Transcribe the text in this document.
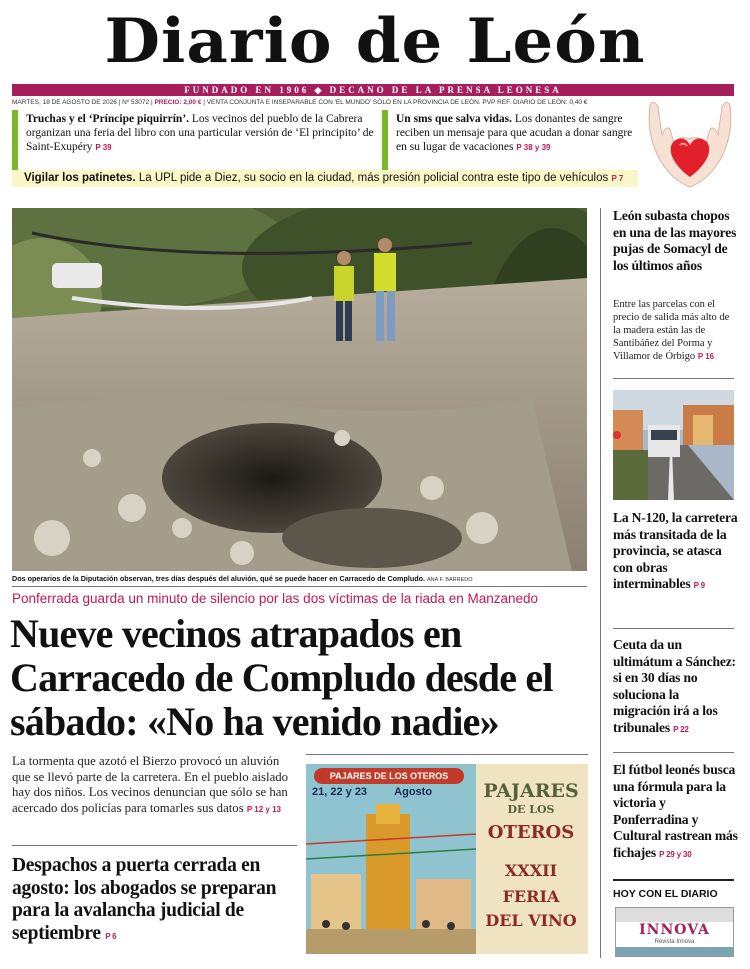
Diario de León
FUNDADO EN 1906 ◆ DECANO DE LA PRENSA LEONESA
MARTES, 18 DE AGOSTO DE 2026 | Nº 53072 | PRECIO: 2,00 € | VENTA CONJUNTA E INSEPARABLE CON 'EL MUNDO' SÓLO EN LA PROVINCIA DE LEÓN. PVP REF. DIARIO DE LEÓN: 0,40 €
Truchas y el ‘Príncipe piquirrín’. Los vecinos del pueblo de la Cabrera organizan una feria del libro con una particular versión de ‘El principito’ de Saint-Exupéry P 39
Un sms que salva vidas. Los donantes de sangre reciben un mensaje para que acudan a donar sangre en su lugar de vacaciones P 38 y 39
Vigilar los patinetes. La UPL pide a Diez, su socio en la ciudad, más presión policial contra este tipo de vehículos P 7
Dos operarios de la Diputación observan, tres días después del aluvión, qué se puede hacer en Carracedo de Compludo. ANA F. BARREDO
Ponferrada guarda un minuto de silencio por las dos víctimas de la riada en Manzanedo
Nueve vecinos atrapados en Carracedo de Compludo desde el sábado: «No ha venido nadie»
La tormenta que azotó el Bierzo provocó un aluvión que se llevó parte de la carretera. En el pueblo aislado hay dos niños. Los vecinos denuncian que sólo se han acercado dos policías para tomarles sus datos P 12 y 13
Despachos a puerta cerrada en agosto: los abogados se preparan para la avalancha judicial de septiembre P 6
PAJARES DE LOS OTEROS
21, 22 y 23 Agosto	PAJARES
DE LOS
OTEROS
XXXII FERIA
DEL VINO
León subasta chopos en una de las mayores pujas de Somacyl de los últimos años
Entre las parcelas con el precio de salida más alto de la madera están las de Santibáñez del Porma y Villamor de Órbigo P 16
La N-120, la carretera más transitada de la provincia, se atasca con obras interminables P 9
Ceuta da un ultimátum a Sánchez: si en 30 días no soluciona la migración irá a los tribunales P 22
El fútbol leonés busca una fórmula para la victoria y Ponferradina y Cultural rastrean más fichajes P 29 y 30
HOY CON EL DIARIO
INNOVA
Revista Innova
